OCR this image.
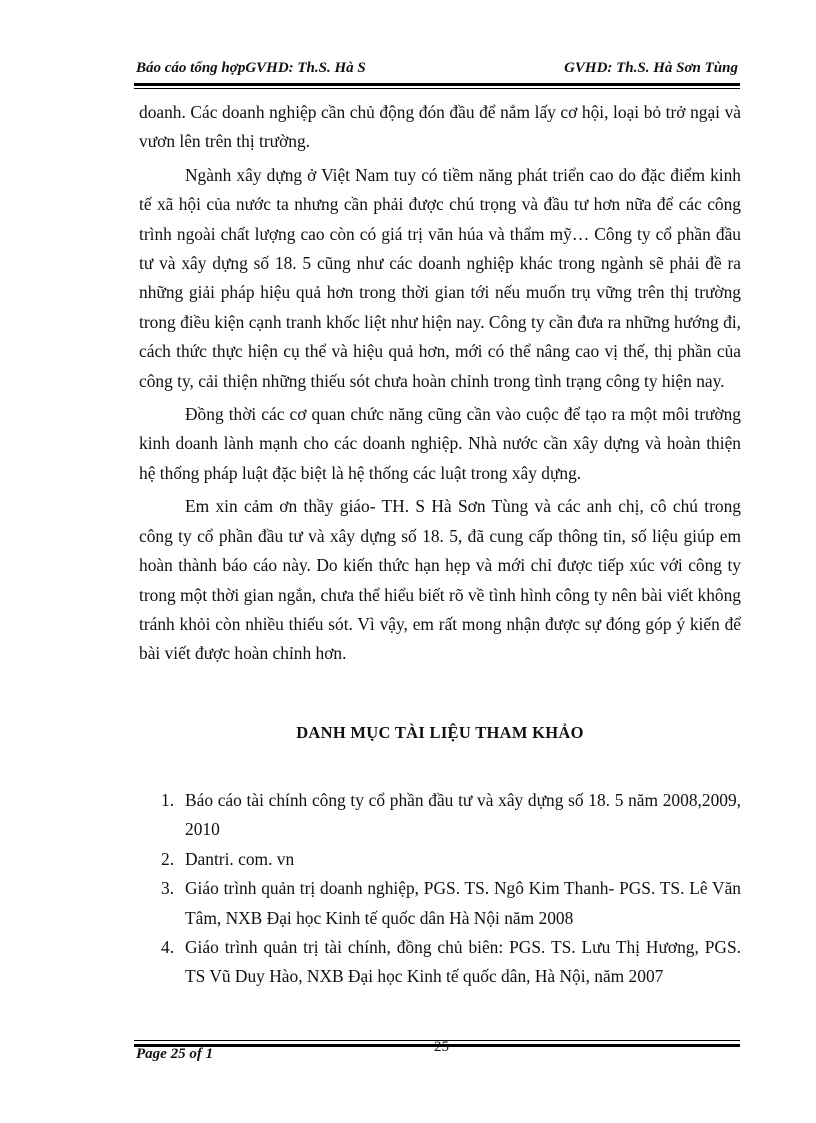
Báo cáo tổng hợpGVHD: Th.S. Hà S	GVHD: Th.S. Hà Sơn Tùng

doanh. Các doanh nghiệp cần chủ động đón đầu để nắm lấy cơ hội, loại bỏ trở ngại và vươn lên trên thị trường.

Ngành xây dựng ở Việt Nam tuy có tiềm năng phát triển cao do đặc điểm kinh tế xã hội của nước ta nhưng cần phải được chú trọng và đầu tư hơn nữa để các công trình ngoài chất lượng cao còn có giá trị văn húa và thẩm mỹ… Công ty cổ phần đầu tư và xây dựng số 18. 5 cũng như các doanh nghiệp khác trong ngành sẽ phải đề ra những giải pháp hiệu quả hơn trong thời gian tới nếu muốn trụ vững trên thị trường trong điều kiện cạnh tranh khốc liệt như hiện nay. Công ty cần đưa ra những hướng đi, cách thức thực hiện cụ thể và hiệu quả hơn, mới có thể nâng cao vị thế, thị phần của công ty, cải thiện những thiếu sót chưa hoàn chỉnh trong tình trạng công ty hiện nay.

Đồng thời các cơ quan chức năng cũng cần vào cuộc để tạo ra một môi trường kinh doanh lành mạnh cho các doanh nghiệp. Nhà nước cần xây dựng và hoàn thiện hệ thống pháp luật đặc biệt là hệ thống các luật trong xây dựng.

Em xin cảm ơn thầy giáo- TH. S Hà Sơn Tùng và các anh chị, cô chú trong công ty cổ phần đầu tư và xây dựng số 18. 5, đã cung cấp thông tin, số liệu giúp em hoàn thành báo cáo này. Do kiến thức hạn hẹp và mới chỉ được tiếp xúc với công ty trong một thời gian ngắn, chưa thể hiểu biết rõ về tình hình công ty nên bài viết không tránh khỏi còn nhiều thiếu sót. Vì vậy, em rất mong nhận được sự đóng góp ý kiến để bài viết được hoàn chỉnh hơn.

DANH MỤC TÀI LIỆU THAM KHẢO
1. Báo cáo tài chính công ty cổ phần đầu tư và xây dựng số 18. 5 năm 2008,2009, 2010
2. Dantri. com. vn
3. Giáo trình quản trị doanh nghiệp, PGS. TS. Ngô Kim Thanh- PGS. TS. Lê Văn Tâm, NXB Đại học Kinh tế quốc dân Hà Nội năm 2008
4. Giáo trình quản trị tài chính, đồng chủ biên: PGS. TS. Lưu Thị Hương, PGS. TS Vũ Duy Hào, NXB Đại học Kinh tế quốc dân, Hà Nội, năm 2007
Page 25 of 1	25
